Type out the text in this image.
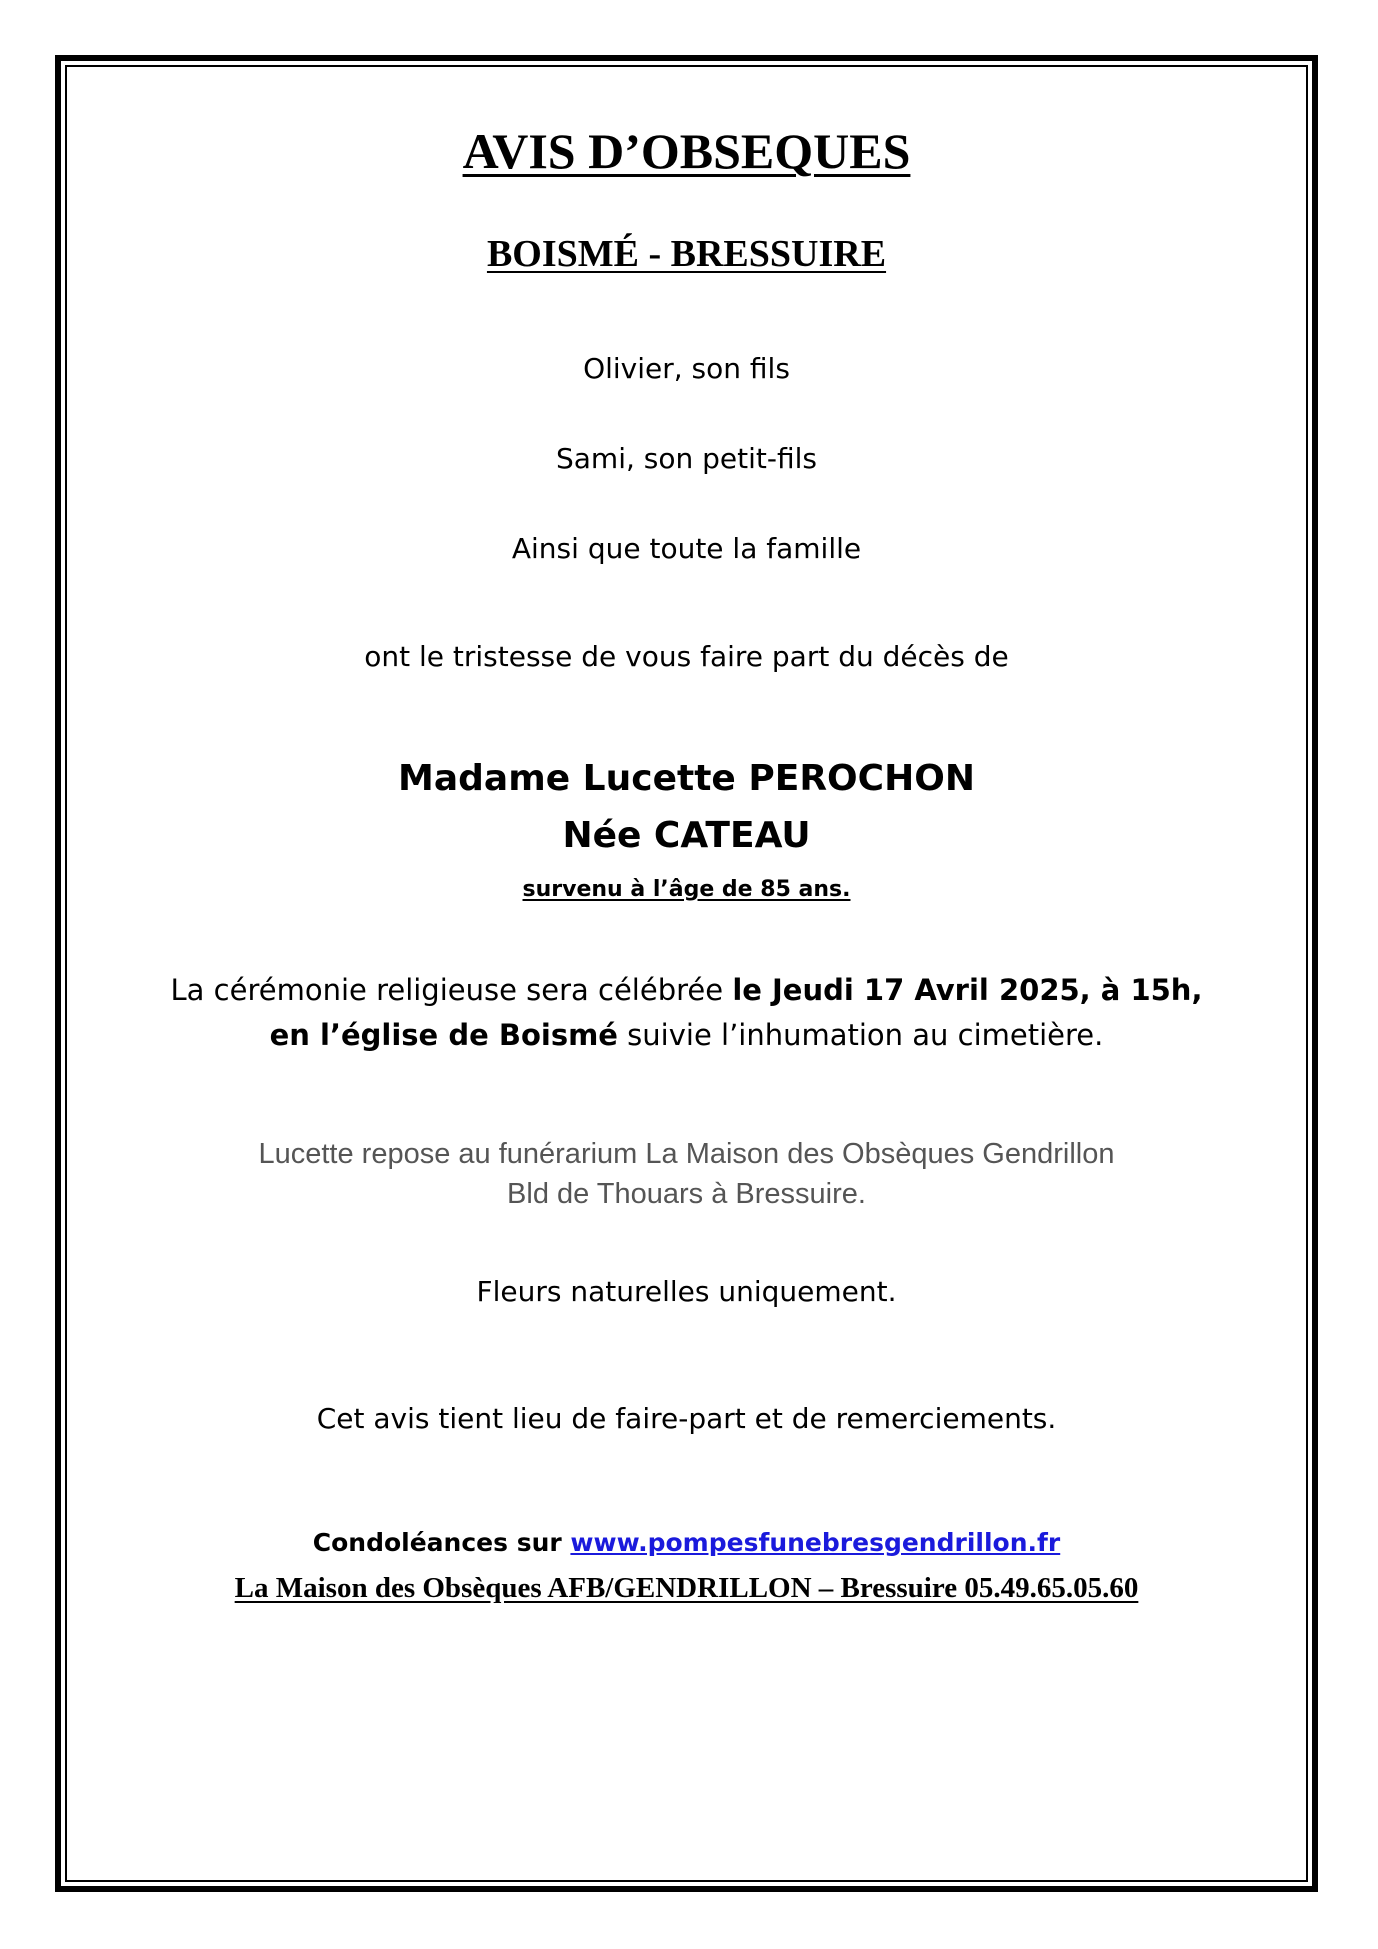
AVIS D’OBSEQUES
BOISMÉ - BRESSUIRE
Olivier, son fils
Sami, son petit-fils
Ainsi que toute la famille
ont le tristesse de vous faire part du décès de
Madame Lucette PEROCHON
Née CATEAU
survenu à l’âge de 85 ans.
La cérémonie religieuse sera célébrée le Jeudi 17 Avril 2025, à 15h,
en l’église de Boismé suivie l’inhumation au cimetière.
Lucette repose au funérarium La Maison des Obsèques Gendrillon
Bld de Thouars à Bressuire.
Fleurs naturelles uniquement.
Cet avis tient lieu de faire-part et de remerciements.
Condoléances sur www.pompesfunebresgendrillon.fr
La Maison des Obsèques AFB/GENDRILLON – Bressuire 05.49.65.05.60
